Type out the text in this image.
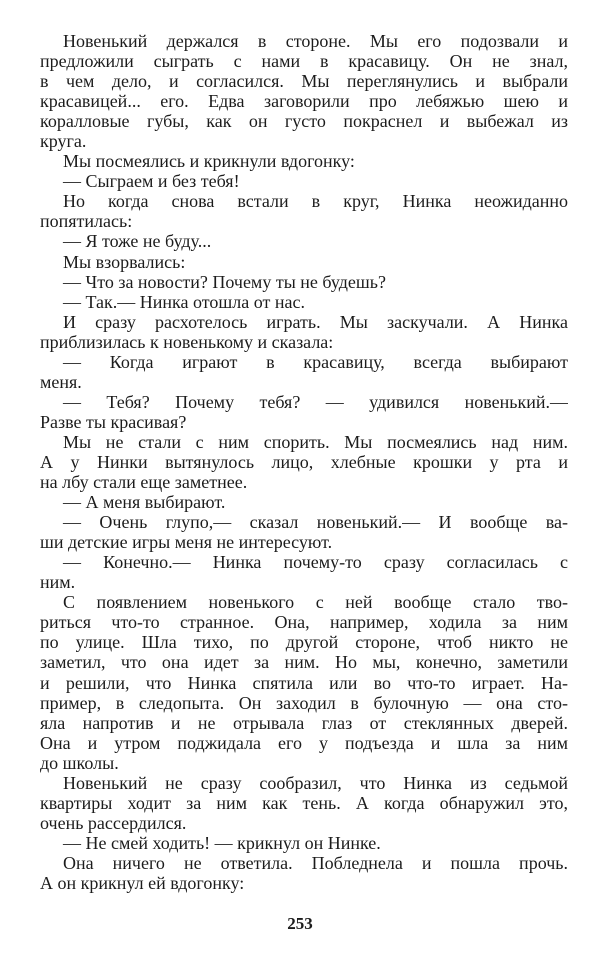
Новенький держался в стороне. Мы его подозвали и
предложили сыграть с нами в красавицу. Он не знал,
в чем дело, и согласился. Мы переглянулись и выбрали
красавицей... его. Едва заговорили про лебяжью шею и
коралловые губы, как он густо покраснел и выбежал из
круга.
Мы посмеялись и крикнули вдогонку:
— Сыграем и без тебя!
Но когда снова встали в круг, Нинка неожиданно
попятилась:
— Я тоже не буду...
Мы взорвались:
— Что за новости? Почему ты не будешь?
— Так.— Нинка отошла от нас.
И сразу расхотелось играть. Мы заскучали. А Нинка
приблизилась к новенькому и сказала:
— Когда играют в красавицу, всегда выбирают
меня.
— Тебя? Почему тебя? — удивился новенький.—
Разве ты красивая?
Мы не стали с ним спорить. Мы посмеялись над ним.
А у Нинки вытянулось лицо, хлебные крошки у рта и
на лбу стали еще заметнее.
— А меня выбирают.
— Очень глупо,— сказал новенький.— И вообще ва-
ши детские игры меня не интересуют.
— Конечно.— Нинка почему-то сразу согласилась с
ним.
С появлением новенького с ней вообще стало тво-
риться что-то странное. Она, например, ходила за ним
по улице. Шла тихо, по другой стороне, чтоб никто не
заметил, что она идет за ним. Но мы, конечно, заметили
и решили, что Нинка спятила или во что-то играет. На-
пример, в следопыта. Он заходил в булочную — она сто-
яла напротив и не отрывала глаз от стеклянных дверей.
Она и утром поджидала его у подъезда и шла за ним
до школы.
Новенький не сразу сообразил, что Нинка из седьмой
квартиры ходит за ним как тень. А когда обнаружил это,
очень рассердился.
— Не смей ходить! — крикнул он Нинке.
Она ничего не ответила. Побледнела и пошла прочь.
А он крикнул ей вдогонку:
253
